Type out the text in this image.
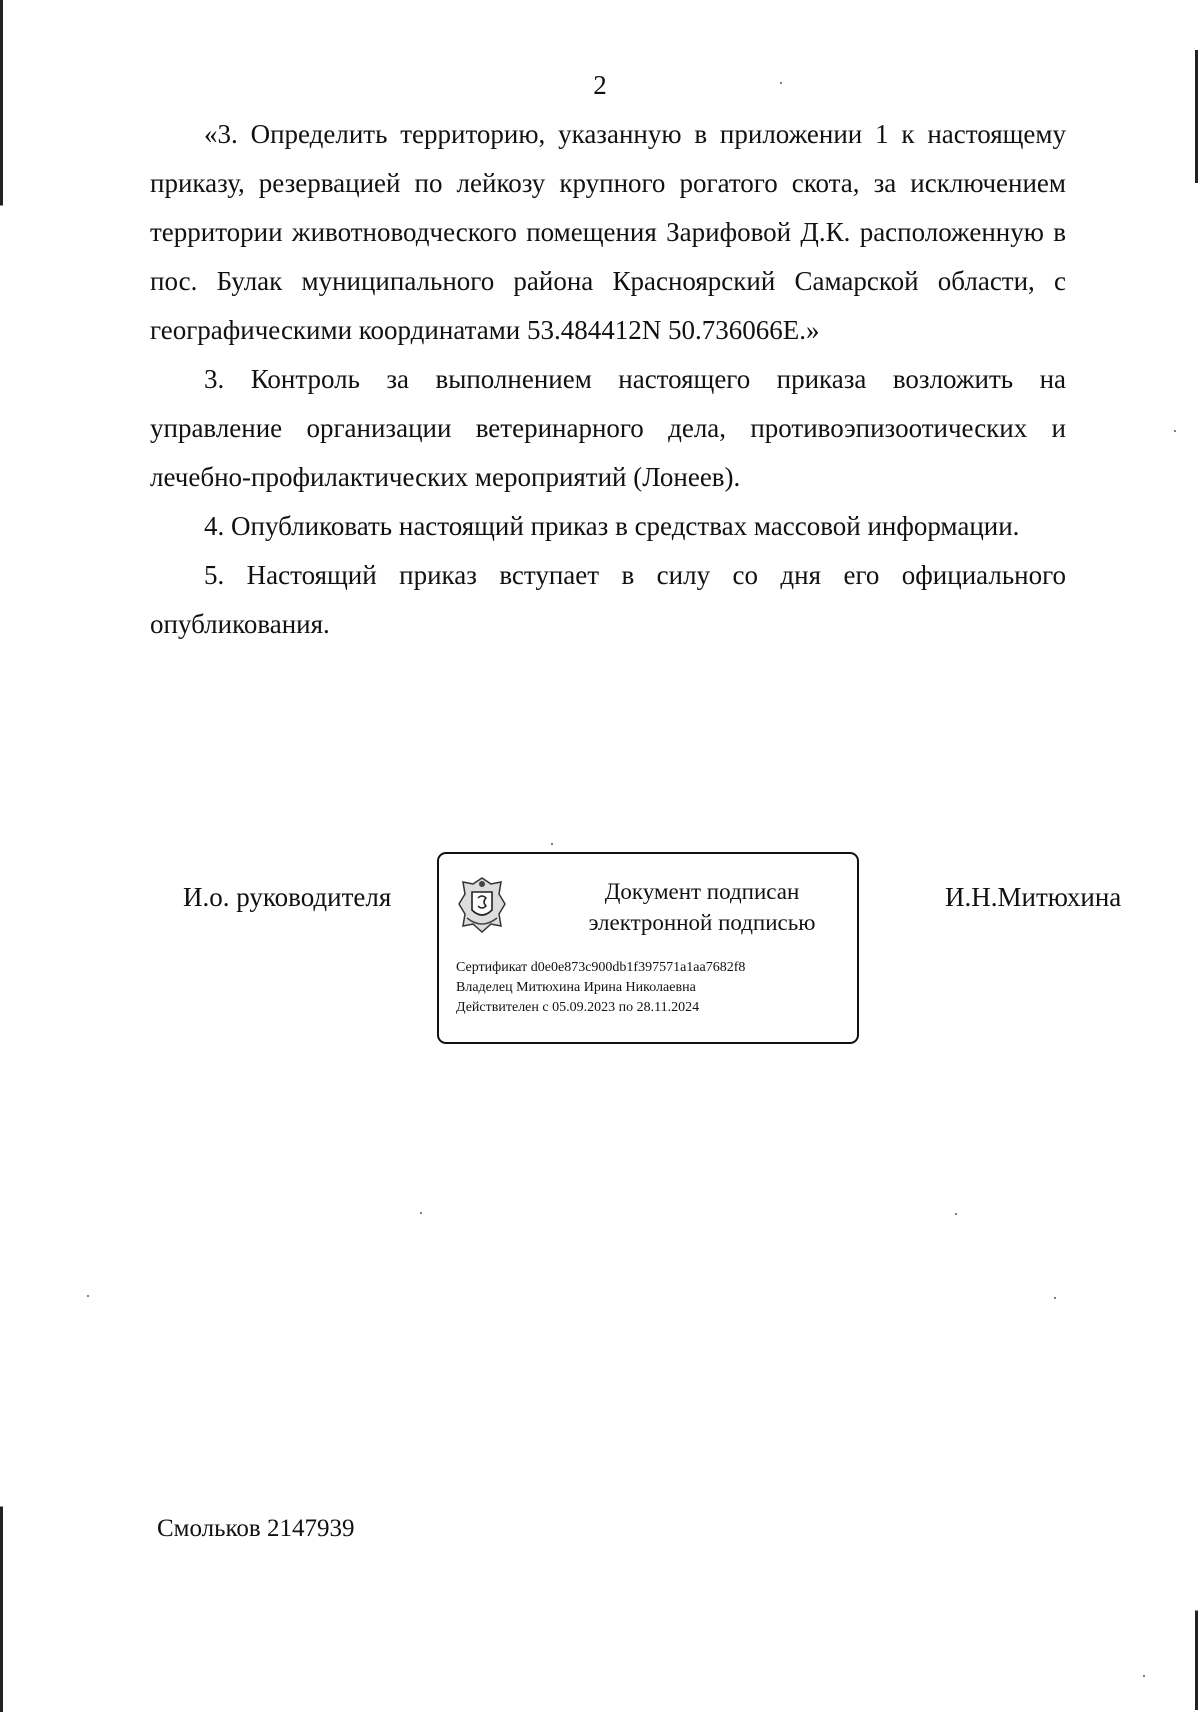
2

«3. Определить территорию, указанную в приложении 1 к настоящему приказу, резервацией по лейкозу крупного рогатого скота, за исключением территории животноводческого помещения Зарифовой Д.К. расположенную в пос. Булак муниципального района Красноярский Самарской области, с географическими координатами 53.484412N 50.736066E.»

3. Контроль за выполнением настоящего приказа возложить на управление организации ветеринарного дела, противоэпизоотических и лечебно-профилактических мероприятий (Лонеев).

4. Опубликовать настоящий приказ в средствах массовой информации.

5. Настоящий приказ вступает в силу со дня его официального опубликования.

И.о. руководителя	Документ подписан
электронной подписью
Сертификат d0e0e873c900db1f397571a1aa7682f8
Владелец Митюхина Ирина Николаевна
Действителен с 05.09.2023 по 28.11.2024
И.Н.Митюхина
Смольков 2147939
